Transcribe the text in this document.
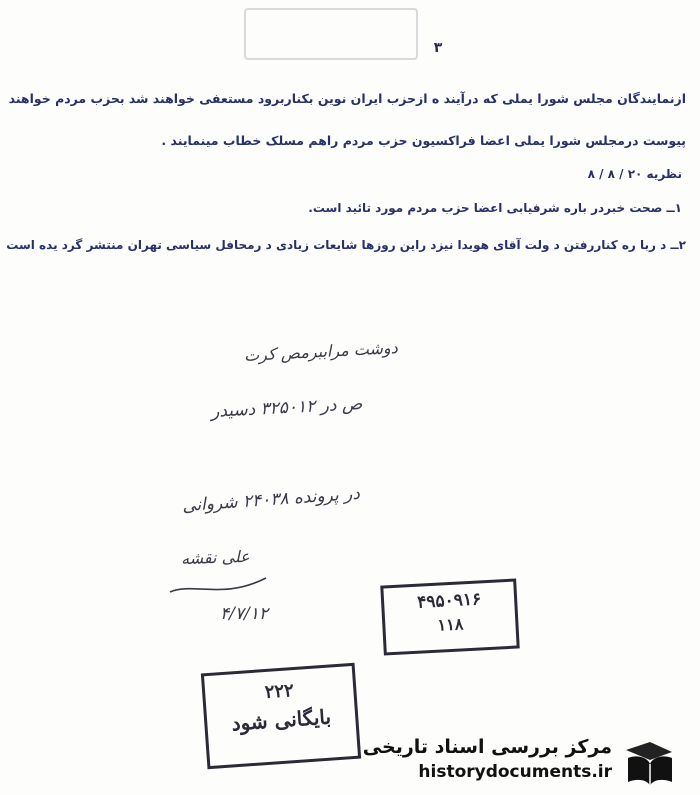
۳
ازنمایندگان مجلس شورا یملی که درآیند ه ازحزب ایران نوین بکناربرود مستعفی خواهند شد بحزب مردم خواهند
پیوست درمجلس شورا یملی اعضا فراکسیون حزب مردم راهم مسلک خطاب مینمایند .
نظریه ۲۰ / ۸ / ۸
۱ــ صحت خبردر باره شرفیابی اعضا حزب مردم مورد تائید است.
۲ــ د ربا ره کناررفتن د ولت آقای هویدا نیزد راین روزها شایعات زیادی د رمحافل سیاسی تهران منتشر گرد یده است
دوشت مراببرمص کرت
ص در ۳۲۵۰۱۲ دسیدر
در پرونده ۲۴۰۳۸ شروانی
علی نقشه
۴/۷/۱۲
۴۹۵۰۹۱۶
۱۱۸
۲۲۲
بایگانی شود
مرکز بررسی اسناد تاریخی
historydocuments.ir
